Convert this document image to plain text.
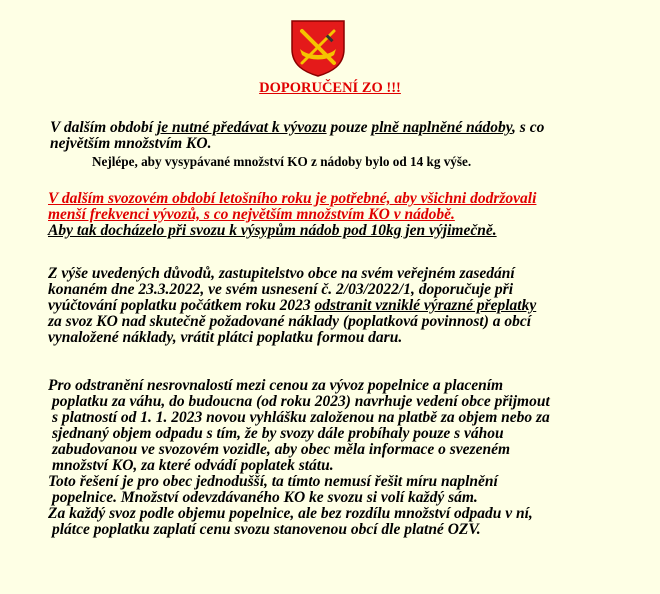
DOPORUČENÍ ZO !!!

V dalším období je nutné předávat k vývozu pouze plně naplněné nádoby, s co
největším množstvím KO.

Nejlépe, aby vysypávané množství KO z nádoby bylo od 14 kg výše.

V dalším svozovém období letošního roku je potřebné, aby všichni dodržovali
menší frekvenci vývozů, s co největším množstvím KO v nádobě.
Aby tak docházelo při svozu k výsypům nádob pod 10kg jen výjimečně.

Z výše uvedených důvodů, zastupitelstvo obce na svém veřejném zasedání
konaném dne 23.3.2022, ve svém usnesení č. 2/03/2022/1, doporučuje při
vyúčtování poplatku počátkem roku 2023 odstranit vzniklé výrazné přeplatky
za svoz KO nad skutečně požadované náklady (poplatková povinnost) a obcí
vynaložené náklady, vrátit plátci poplatku formou daru.

Pro odstranění nesrovnalostí mezi cenou za vývoz popelnice a placením
poplatku za váhu, do budoucna (od roku 2023) navrhuje vedení obce přijmout
s platností od 1. 1. 2023 novou vyhlášku založenou na platbě za objem nebo za
sjednaný objem odpadu s tím, že by svozy dále probíhaly pouze s váhou
zabudovanou ve svozovém vozidle, aby obec měla informace o svezeném
množství KO, za které odvádí poplatek státu.
Toto řešení je pro obec jednodušší, ta tímto nemusí řešit míru naplnění
popelnice. Množství odevzdávaného KO ke svozu si volí každý sám.
Za každý svoz podle objemu popelnice, ale bez rozdílu množství odpadu v ní,
plátce poplatku zaplatí cenu svozu stanovenou obcí dle platné OZV.
